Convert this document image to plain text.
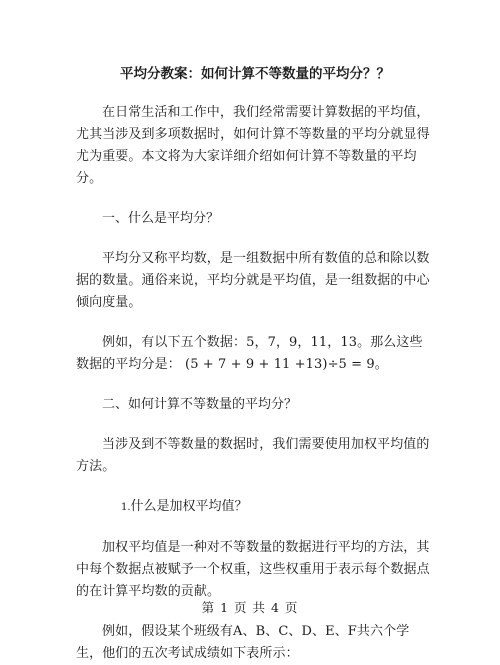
平均分教案：如何计算不等数量的平均分？？

在日常生活和工作中，我们经常需要计算数据的平均值，尤其当涉及到多项数据时，如何计算不等数量的平均分就显得尤为重要。本文将为大家详细介绍如何计算不等数量的平均分。

一、什么是平均分？

平均分又称平均数，是一组数据中所有数值的总和除以数据的数量。通俗来说，平均分就是平均值，是一组数据的中心倾向度量。

例如，有以下五个数据：5，7，9，11，13。那么这些数据的平均分是： (5 + 7 + 9 + 11 +13)÷5 = 9。

二、如何计算不等数量的平均分？

当涉及到不等数量的数据时，我们需要使用加权平均值的方法。

1.什么是加权平均值？

加权平均值是一种对不等数量的数据进行平均的方法，其中每个数据点被赋予一个权重，这些权重用于表示每个数据点的在计算平均数的贡献。

例如，假设某个班级有A、B、C、D、E、F共六个学生，他们的五次考试成绩如下表所示：

第 1 页 共 4 页
